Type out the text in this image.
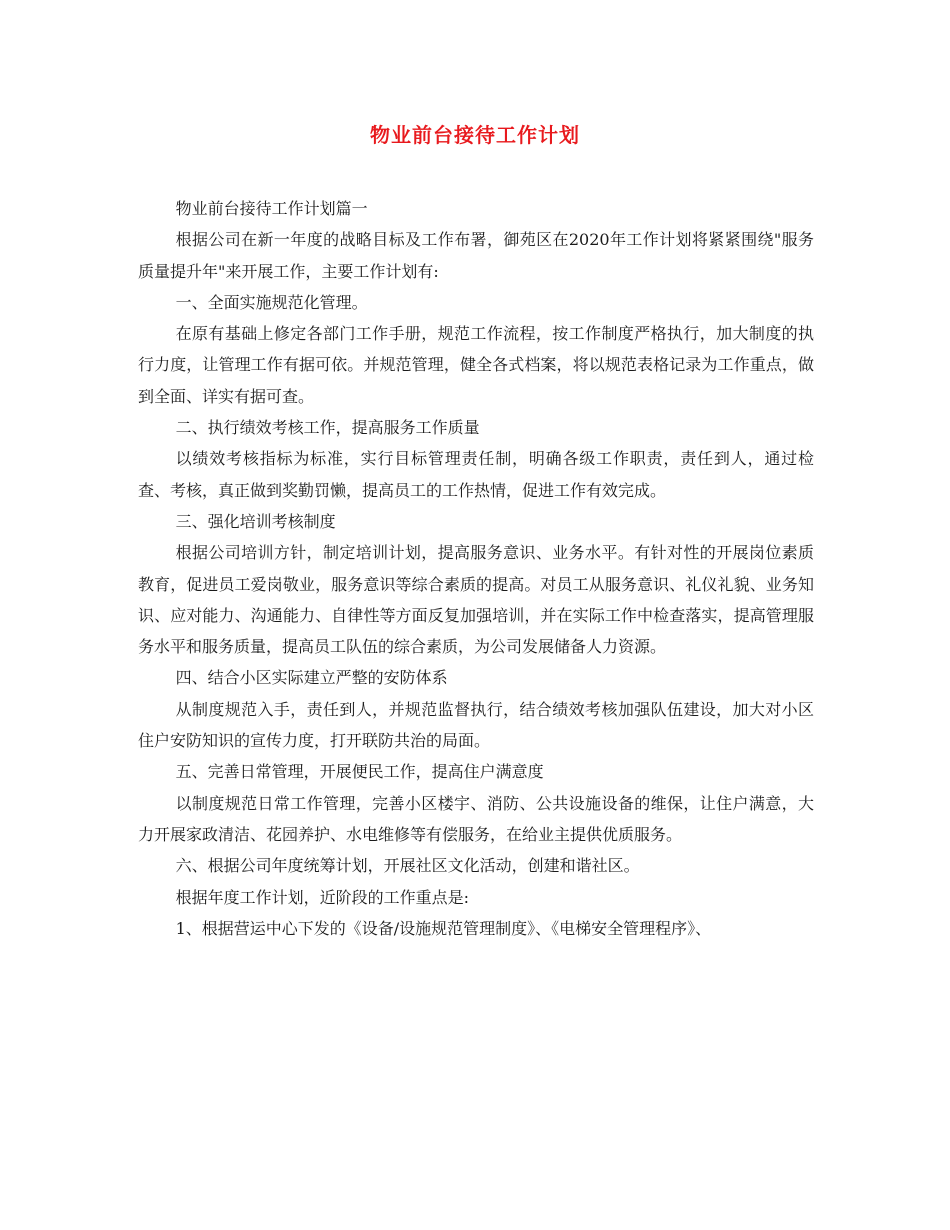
物业前台接待工作计划

物业前台接待工作计划篇一

根据公司在新一年度的战略目标及工作布署，御苑区在2020年工作计划将紧紧围绕"服务质量提升年"来开展工作，主要工作计划有:

一、全面实施规范化管理。

在原有基础上修定各部门工作手册，规范工作流程，按工作制度严格执行，加大制度的执行力度，让管理工作有据可依。并规范管理，健全各式档案，将以规范表格记录为工作重点，做到全面、详实有据可查。

二、执行绩效考核工作，提高服务工作质量

以绩效考核指标为标准，实行目标管理责任制，明确各级工作职责，责任到人，通过检查、考核，真正做到奖勤罚懒，提高员工的工作热情，促进工作有效完成。

三、强化培训考核制度

根据公司培训方针，制定培训计划，提高服务意识、业务水平。有针对性的开展岗位素质教育，促进员工爱岗敬业，服务意识等综合素质的提高。对员工从服务意识、礼仪礼貌、业务知识、应对能力、沟通能力、自律性等方面反复加强培训，并在实际工作中检查落实，提高管理服务水平和服务质量，提高员工队伍的综合素质，为公司发展储备人力资源。

四、结合小区实际建立严整的安防体系

从制度规范入手，责任到人，并规范监督执行，结合绩效考核加强队伍建设，加大对小区住户安防知识的宣传力度，打开联防共治的局面。

五、完善日常管理，开展便民工作，提高住户满意度

以制度规范日常工作管理，完善小区楼宇、消防、公共设施设备的维保，让住户满意，大力开展家政清洁、花园养护、水电维修等有偿服务，在给业主提供优质服务。

六、根据公司年度统筹计划，开展社区文化活动，创建和谐社区。

根据年度工作计划，近阶段的工作重点是:

1、根据营运中心下发的《设备/设施规范管理制度》、《电梯安全管理程序》、
